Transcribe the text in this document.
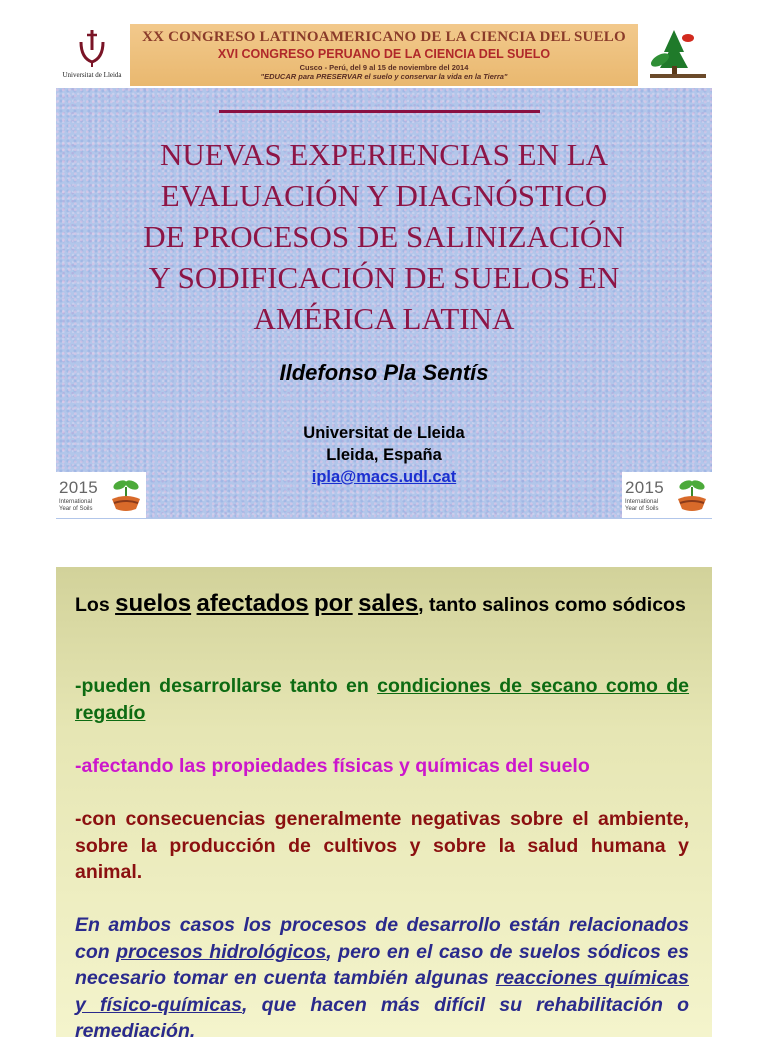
Universitat de Lleida
XX CONGRESO LATINOAMERICANO DE LA CIENCIA DEL SUELO
XVI CONGRESO PERUANO DE LA CIENCIA DEL SUELO
Cusco - Perú, del 9 al 15 de noviembre del 2014
"EDUCAR para PRESERVAR el suelo y conservar la vida en la Tierra"
NUEVAS EXPERIENCIAS EN LA
EVALUACIÓN Y DIAGNÓSTICO
DE PROCESOS DE SALINIZACIÓN
Y SODIFICACIÓN DE SUELOS EN
AMÉRICA LATINA
Ildefonso Pla Sentís
Universitat de Lleida
Lleida, España
ipla@macs.udl.cat
2015
International
Year of Soils
2015
International
Year of Soils
Los suelos afectados por sales, tanto salinos como sódicos
-pueden desarrollarse tanto en condiciones de secano como de regadío
-afectando las propiedades físicas y químicas del suelo
-con consecuencias generalmente negativas sobre el ambiente, sobre la producción de cultivos y sobre la salud humana y animal.
En ambos casos los procesos de desarrollo están relacionados con procesos hidrológicos, pero en el caso de suelos sódicos es necesario tomar en cuenta también algunas reacciones químicas y físico-químicas, que hacen más difícil su rehabilitación o remediación.
